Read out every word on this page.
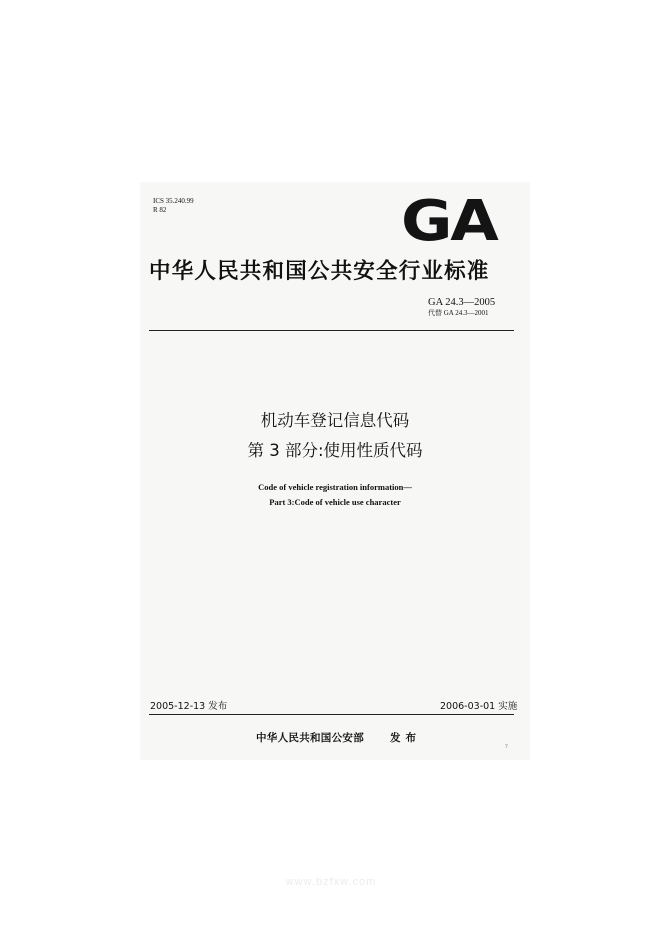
ICS 35.240.99
R 82	GA
中华人民共和国公共安全行业标准
GA 24.3—2005
代替 GA 24.3—2001
机动车登记信息代码
第 3 部分:使用性质代码
Code of vehicle registration information—
Part 3:Code of vehicle use character
2005-12-13 发布	2006-03-01 实施
中华人民共和国公安部 发布
?
www.bzfxw.com
